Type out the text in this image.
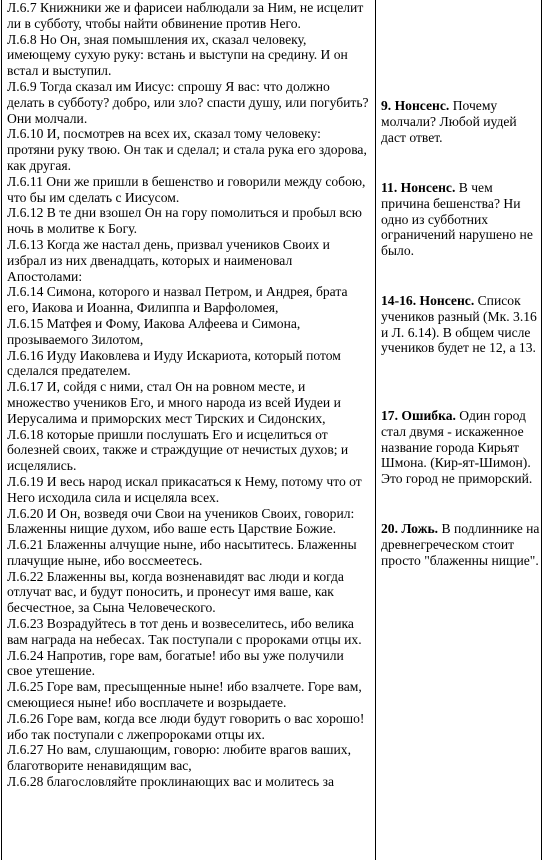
Л.6.7 Книжники же и фарисеи наблюдали за Ним, не исцелит ли в субботу, чтобы найти обвинение против Него.

Л.6.8 Но Он, зная помышления их, сказал человеку, имеющему сухую руку: встань и выступи на средину. И он встал и выступил.

Л.6.9 Тогда сказал им Иисус: спрошу Я вас: что должно делать в субботу? добро, или зло? спасти душу, или погубить? Они молчали.

Л.6.10 И, посмотрев на всех их, сказал тому человеку: протяни руку твою. Он так и сделал; и стала рука его здорова, как другая.

Л.6.11 Они же пришли в бешенство и говорили между собою, что бы им сделать с Иисусом.

Л.6.12 В те дни взошел Он на гору помолиться и пробыл всю ночь в молитве к Богу.

Л.6.13 Когда же настал день, призвал учеников Своих и избрал из них двенадцать, которых и наименовал Апостолами:

Л.6.14 Симона, которого и назвал Петром, и Андрея, брата его, Иакова и Иоанна, Филиппа и Варфоломея,

Л.6.15 Матфея и Фому, Иакова Алфеева и Симона, прозываемого Зилотом,

Л.6.16 Иуду Иаковлева и Иуду Искариота, который потом сделался предателем.

Л.6.17 И, сойдя с ними, стал Он на ровном месте, и множество учеников Его, и много народа из всей Иудеи и Иерусалима и приморских мест Тирских и Сидонских,

Л.6.18 которые пришли послушать Его и исцелиться от болезней своих, также и страждущие от нечистых духов; и исцелялись.

Л.6.19 И весь народ искал прикасаться к Нему, потому что от Него исходила сила и исцеляла всех.

Л.6.20 И Он, возведя очи Свои на учеников Своих, говорил: Блаженны нищие духом, ибо ваше есть Царствие Божие.

Л.6.21 Блаженны алчущие ныне, ибо насытитесь. Блаженны плачущие ныне, ибо воссмеетесь.

Л.6.22 Блаженны вы, когда возненавидят вас люди и когда отлучат вас, и будут поносить, и пронесут имя ваше, как бесчестное, за Сына Человеческого.

Л.6.23 Возрадуйтесь в тот день и возвеселитесь, ибо велика вам награда на небесах. Так поступали с пророками отцы их.

Л.6.24 Напротив, горе вам, богатые! ибо вы уже получили свое утешение.

Л.6.25 Горе вам, пресыщенные ныне! ибо взалчете. Горе вам, смеющиеся ныне! ибо восплачете и возрыдаете.

Л.6.26 Горе вам, когда все люди будут говорить о вас хорошо! ибо так поступали с лжепророками отцы их.

Л.6.27 Но вам, слушающим, говорю: любите врагов ваших, благотворите ненавидящим вас,

Л.6.28 благословляйте проклинающих вас и молитесь за

9. Нонсенс. Почему молчали? Любой иудей даст ответ.

11. Нонсенс. В чем причина бешенства? Ни одно из субботних ограничений нарушено не было.

14-16. Нонсенс. Список учеников разный (Мк. 3.16 и Л. 6.14). В общем числе учеников будет не 12, а 13.

17. Ошибка. Один город стал двумя - искаженное название города Кирьят Шмона. (Кир-ят-Шимон). Это город не приморский.

20. Ложь. В подлиннике на древнегреческом стоит просто "блаженны нищие".
